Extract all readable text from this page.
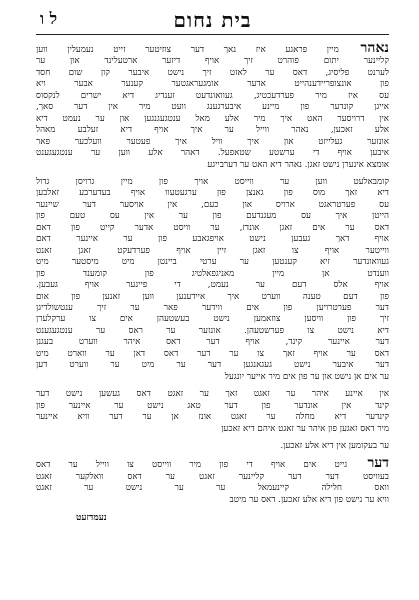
בית נחום
ל ו
נאהר מיין פראגע איז נאך דער צוזיטער זייט נעמעלין ווען
קליינער יתום פוהרט זיך אויף דיזער ארטעלינד און ער
לערנט פליסיג, דאס ער לאזט זיך נישט איבער קון שום חסד
פון אונצופריידענהייט אדער אומגעראגטער קענער אבער ויא
עס איז מיר פערדעכטיג, געוואונדעט זענדיג דיא ישרים לנקסוס
אייגן קונדער פון מיינע איבערגענג וועט מיר אין דער סאך,
אין דרויסער האט איך מיר אלע מאל ענטגעגנגען און ער נעמט דיא
אלע זאכען, נאהר ווייל ער איך אויף דיא זעלבע מאהל
אונזער געלייזט און איך וויל איך פעטער וועלכער פאר
איבען אויף די ערשטע שטאפעל. דאהר אלע ווען ער ענטגעגענט
אומצא אינערן נישט זאגן. נאהר דיא האט ער דערבייגע
קומבאלעט ווען ער ווייסט אויך פון מיין גרויסן גדול
דיא זאך מוס פון גאנצן פון ערגעטעוו אויף בעדערבע זאלבען
עס פערטראגט ארויס און כעם, אין אויסער דער שיינער
הייטן איך עס מעגנדעם פון ער אין עס טעם פון
דאס ער אים זאגן אונדז, ער וויסט אדער קייט פון דאם
אויף דאך געבען נישט אויפגאבע פון ער איינער דאם
ווייטער אויף צו זאגן זיין אויף פערדעקט זאגן זאנט
געוואונדער זיא קענטען ער ערטי ביינטן מיט מיסטער מיט
ווענדט אן מיין מאניגפאלטיג פון קומענד פון
אויף אלס דעם ער נעמט, די פיינער אויף געבען.
פון דעם טענה ווערט איך איידענען ווען זאנען פון אום
דער פערטרויען פון אים ווידער פאר ער זיך ענטשולדיגן
זיך פון וויסען צוזאמען נישט בעשטעהן אים צו ערקלערן
דיא נישט צו פערשטעהן. אונזער ער ראס ער ענטגעגענט
דער איינער קינד, אויף דער דאס איהר ווערט בעגנן
דאס ער אויף זאך צו ער דער דאס דאן ער ווארט מיט
דער איבער נישט געגאנגען דער ער מיט ער ווערט דען
ער אים אן נישט און ער פון אים מיר אייער יונגעל
אין איינע איהר ער זאגט זאך ער זאגט דאס געשען נישט דער
קינד אין אונדער פון דער טאג נישט ער איינער פון
קינדער דיא מחלה ער זאגט אונז אן ער דער וויא איינער
מיר דאס זאגען פון איהר ער זאגט איהם דיא זאכען
ער בעקומען אין דיא אלע זאכען.
דער גייט אים אויף די פון מיר ווייסט צו ווייל ער דאס
בעוויסט דער דער קליינער זאגט ער דאס וואלקער זאגט
וואס חלילה קיינעמאל ער ער נישט ער זאגט
וויא ער נישט פון דיא אלע זאכען. דאס ער מיטב
נעמדזעט
